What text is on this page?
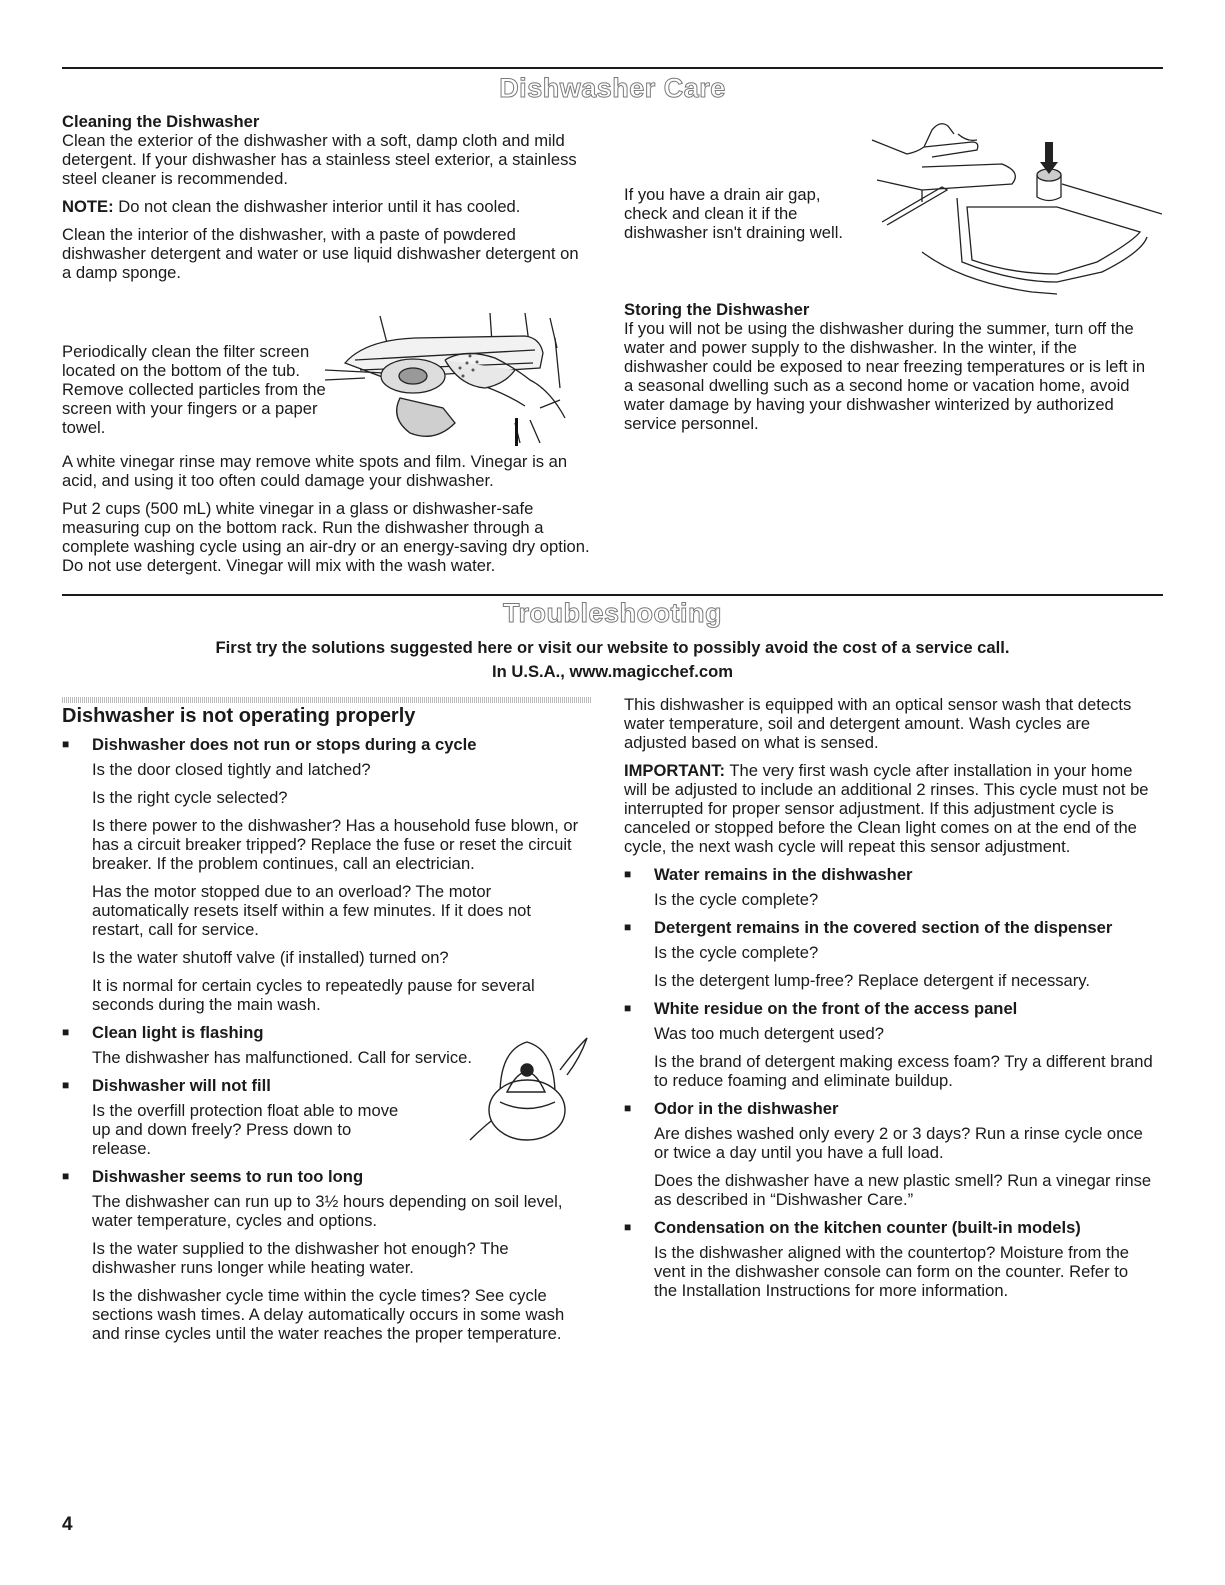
Dishwasher Care

Cleaning the Dishwasher

Clean the exterior of the dishwasher with a soft, damp cloth and mild detergent. If your dishwasher has a stainless steel exterior, a stainless steel cleaner is recommended.

NOTE: Do not clean the dishwasher interior until it has cooled.

Clean the interior of the dishwasher, with a paste of powdered dishwasher detergent and water or use liquid dishwasher detergent on a damp sponge.

Periodically clean the filter screen located on the bottom of the tub. Remove collected particles from the screen with your fingers or a paper towel.

A white vinegar rinse may remove white spots and film. Vinegar is an acid, and using it too often could damage your dishwasher.

Put 2 cups (500 mL) white vinegar in a glass or dishwasher-safe measuring cup on the bottom rack. Run the dishwasher through a complete washing cycle using an air-dry or an energy-saving dry option. Do not use detergent. Vinegar will mix with the wash water.

If you have a drain air gap, check and clean it if the dishwasher isn't draining well.

Storing the Dishwasher

If you will not be using the dishwasher during the summer, turn off the water and power supply to the dishwasher. In the winter, if the dishwasher could be exposed to near freezing temperatures or is left in a seasonal dwelling such as a second home or vacation home, avoid water damage by having your dishwasher winterized by authorized service personnel.

Troubleshooting
First try the solutions suggested here or visit our website to possibly avoid the cost of a service call.
In U.S.A., www.magicchef.com

Dishwasher is not operating properly

■ Dishwasher does not run or stops during a cycle

Is the door closed tightly and latched?

Is the right cycle selected?

Is there power to the dishwasher? Has a household fuse blown, or has a circuit breaker tripped? Replace the fuse or reset the circuit breaker. If the problem continues, call an electrician.

Has the motor stopped due to an overload? The motor automatically resets itself within a few minutes. If it does not restart, call for service.

Is the water shutoff valve (if installed) turned on?

It is normal for certain cycles to repeatedly pause for several seconds during the main wash.

■ Clean light is flashing

The dishwasher has malfunctioned. Call for service.

■ Dishwasher will not fill

Is the overfill protection float able to move up and down freely? Press down to release.

■ Dishwasher seems to run too long

The dishwasher can run up to 3½ hours depending on soil level, water temperature, cycles and options.

Is the water supplied to the dishwasher hot enough? The dishwasher runs longer while heating water.

Is the dishwasher cycle time within the cycle times? See cycle sections wash times. A delay automatically occurs in some wash and rinse cycles until the water reaches the proper temperature.

This dishwasher is equipped with an optical sensor wash that detects water temperature, soil and detergent amount. Wash cycles are adjusted based on what is sensed.

IMPORTANT: The very first wash cycle after installation in your home will be adjusted to include an additional 2 rinses. This cycle must not be interrupted for proper sensor adjustment. If this adjustment cycle is canceled or stopped before the Clean light comes on at the end of the cycle, the next wash cycle will repeat this sensor adjustment.

■ Water remains in the dishwasher

Is the cycle complete?

■ Detergent remains in the covered section of the dispenser

Is the cycle complete?

Is the detergent lump-free? Replace detergent if necessary.

■ White residue on the front of the access panel

Was too much detergent used?

Is the brand of detergent making excess foam? Try a different brand to reduce foaming and eliminate buildup.

■ Odor in the dishwasher

Are dishes washed only every 2 or 3 days? Run a rinse cycle once or twice a day until you have a full load.

Does the dishwasher have a new plastic smell? Run a vinegar rinse as described in “Dishwasher Care.”

■ Condensation on the kitchen counter (built-in models)

Is the dishwasher aligned with the countertop? Moisture from the vent in the dishwasher console can form on the counter. Refer to the Installation Instructions for more information.

4
